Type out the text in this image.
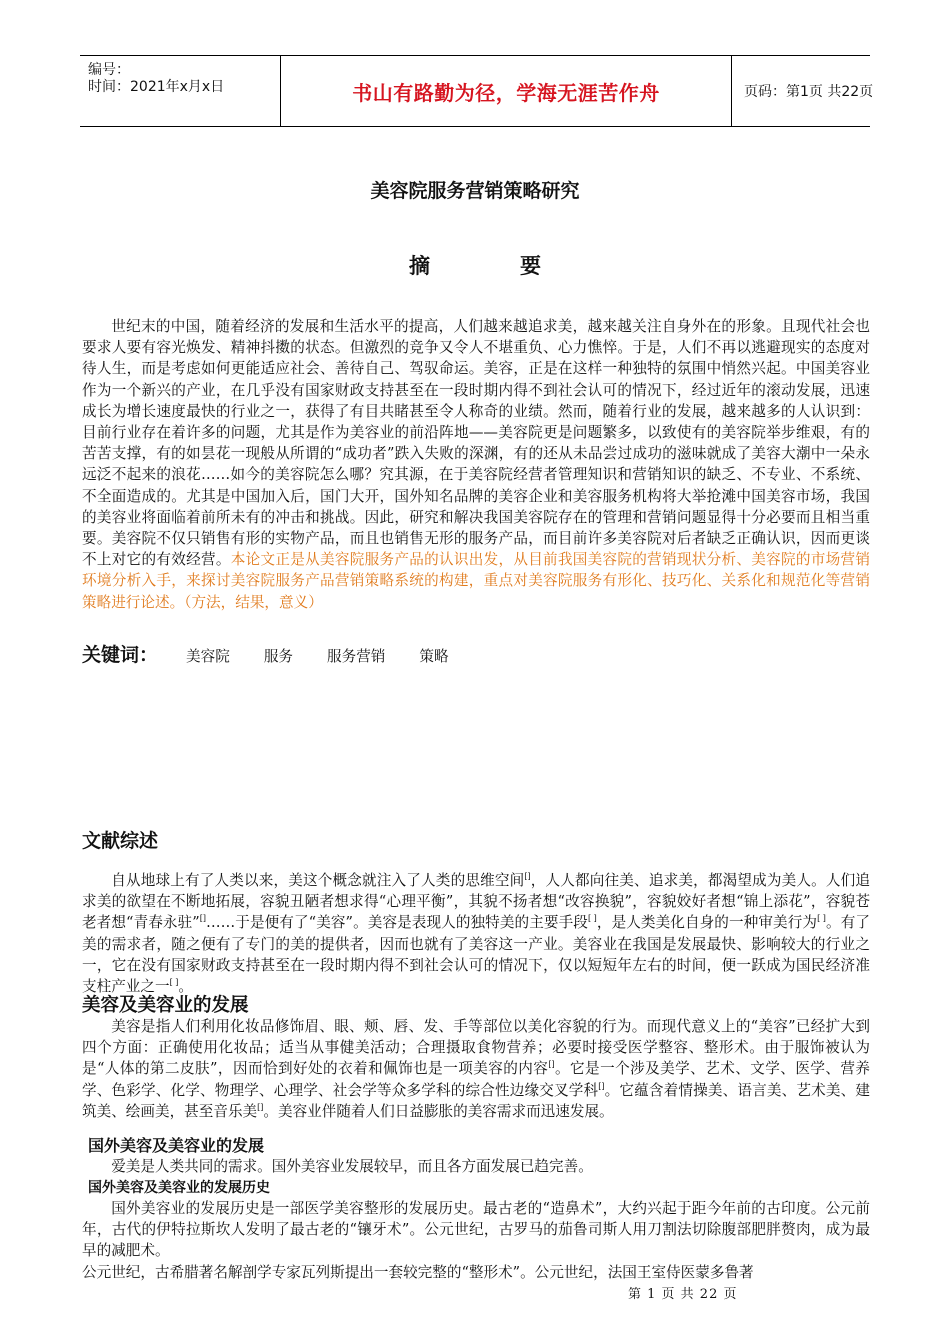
编号：
时间：2021年x月x日	书山有路勤为径，学海无涯苦作舟	页码：第1页 共22页
美容院服务营销策略研究
摘	要

世纪末的中国，随着经济的发展和生活水平的提高，人们越来越追求美，越来越关注自身外在的形象。且现代社会也要求人要有容光焕发、精神抖擞的状态。但激烈的竞争又令人不堪重负、心力憔悴。于是，人们不再以逃避现实的态度对待人生，而是考虑如何更能适应社会、善待自己、驾驭命运。美容，正是在这样一种独特的氛围中悄然兴起。中国美容业作为一个新兴的产业，在几乎没有国家财政支持甚至在一段时期内得不到社会认可的情况下，经过近年的滚动发展，迅速成长为增长速度最快的行业之一，获得了有目共睹甚至令人称奇的业绩。然而，随着行业的发展，越来越多的人认识到：目前行业存在着许多的问题，尤其是作为美容业的前沿阵地——美容院更是问题繁多，以致使有的美容院举步维艰，有的苦苦支撑，有的如昙花一现般从所谓的“成功者”跌入失败的深渊，有的还从未品尝过成功的滋味就成了美容大潮中一朵永远泛不起来的浪花……如今的美容院怎么哪？究其源，在于美容院经营者管理知识和营销知识的缺乏、不专业、不系统、不全面造成的。尤其是中国加入后，国门大开，国外知名品牌的美容企业和美容服务机构将大举抢滩中国美容市场，我国的美容业将面临着前所未有的冲击和挑战。因此，研究和解决我国美容院存在的管理和营销问题显得十分必要而且相当重要。美容院不仅只销售有形的实物产品，而且也销售无形的服务产品，而目前许多美容院对后者缺乏正确认识，因而更谈不上对它的有效经营。本论文正是从美容院服务产品的认识出发，从目前我国美容院的营销现状分析、美容院的市场营销环境分析入手，来探讨美容院服务产品营销策略系统的构建，重点对美容院服务有形化、技巧化、关系化和规范化等营销策略进行论述。（方法，结果，意义）

关键词： 美容院 服务 服务营销 策略
文献综述

自从地球上有了人类以来，美这个概念就注入了人类的思维空间[]，人人都向往美、追求美，都渴望成为美人。人们追求美的欲望在不断地拓展，容貌丑陋者想求得“心理平衡”，其貌不扬者想“改容换貌”，容貌姣好者想“锦上添花”，容貌苍老者想“青春永驻”[]……于是便有了“美容”。美容是表现人的独特美的主要手段[ ]，是人类美化自身的一种审美行为[ ]。有了美的需求者，随之便有了专门的美的提供者，因而也就有了美容这一产业。美容业在我国是发展最快、影响较大的行业之一，它在没有国家财政支持甚至在一段时期内得不到社会认可的情况下，仅以短短年左右的时间，便一跃成为国民经济准支柱产业之一[ ]。

美容及美容业的发展

美容是指人们利用化妆品修饰眉、眼、颊、唇、发、手等部位以美化容貌的行为。而现代意义上的“美容”已经扩大到四个方面：正确使用化妆品；适当从事健美活动；合理摄取食物营养；必要时接受医学整容、整形术。由于服饰被认为是“人体的第二皮肤”，因而恰到好处的衣着和佩饰也是一项美容的内容[]。它是一个涉及美学、艺术、文学、医学、营养学、色彩学、化学、物理学、心理学、社会学等众多学科的综合性边缘交叉学科[]。它蕴含着情操美、语言美、艺术美、建筑美、绘画美，甚至音乐美[]。美容业伴随着人们日益膨胀的美容需求而迅速发展。

国外美容及美容业的发展

爱美是人类共同的需求。国外美容业发展较早，而且各方面发展已趋完善。

国外美容及美容业的发展历史

国外美容业的发展历史是一部医学美容整形的发展历史。最古老的“造鼻术”，大约兴起于距今年前的古印度。公元前年，古代的伊特拉斯坎人发明了最古老的“镶牙术”。公元世纪，古罗马的茄鲁司斯人用刀割法切除腹部肥胖赘肉，成为最早的减肥术。

公元世纪，古希腊著名解剖学专家瓦列斯提出一套较完整的“整形术”。公元世纪，法国王室侍医蒙多鲁著
第 1 页 共 22 页
